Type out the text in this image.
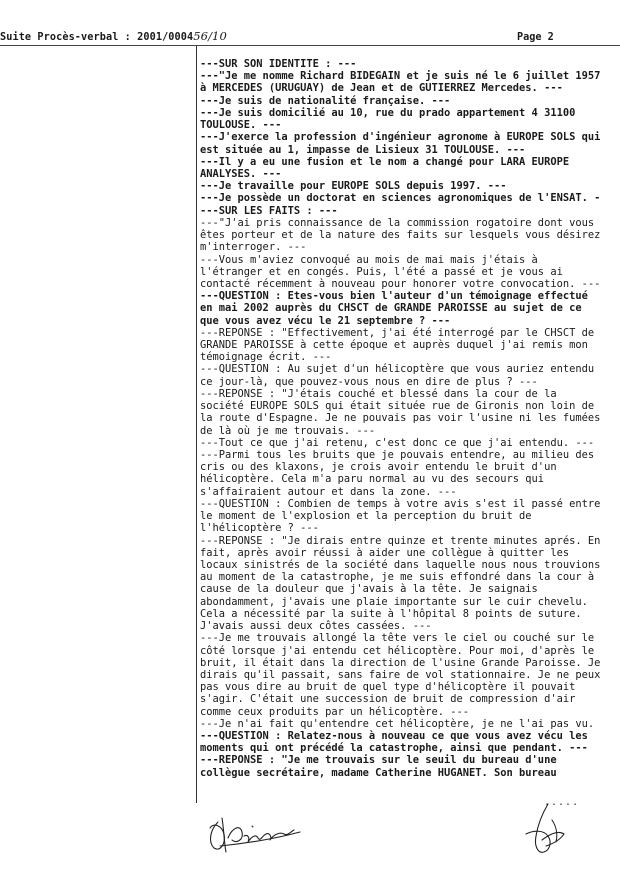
Suite Procès-verbal : 2001/000456/10	Page 2
---SUR SON IDENTITE : ---
---"Je me nomme Richard BIDEGAIN et je suis né le 6 juillet 1957
à MERCEDES (URUGUAY) de Jean et de GUTIERREZ Mercedes. ---
---Je suis de nationalité française. ---
---Je suis domicilié au 10, rue du prado appartement 4 31100
TOULOUSE. ---
---J'exerce la profession d'ingénieur agronome à EUROPE SOLS qui
est située au 1, impasse de Lisieux 31 TOULOUSE. ---
---Il y a eu une fusion et le nom a changé pour LARA EUROPE
ANALYSES. ---
---Je travaille pour EUROPE SOLS depuis 1997. ---
---Je possède un doctorat en sciences agronomiques de l'ENSAT. -
---SUR LES FAITS : ---
---"J'ai pris connaissance de la commission rogatoire dont vous
êtes porteur et de la nature des faits sur lesquels vous désirez
m'interroger. ---
---Vous m'aviez convoqué au mois de mai mais j'étais à
l'étranger et en congés. Puis, l'été a passé et je vous ai
contacté récemment à nouveau pour honorer votre convocation. ---
---QUESTION : Etes-vous bien l'auteur d'un témoignage effectué
en mai 2002 auprès du CHSCT de GRANDE PAROISSE au sujet de ce
que vous avez vécu le 21 septembre ? ---
---REPONSE : "Effectivement, j'ai été interrogé par le CHSCT de
GRANDE PAROISSE à cette époque et auprès duquel j'ai remis mon
témoignage écrit. ---
---QUESTION : Au sujet d'un hélicoptère que vous auriez entendu
ce jour-là, que pouvez-vous nous en dire de plus ? ---
---REPONSE : "J'étais couché et blessé dans la cour de la
société EUROPE SOLS qui était située rue de Gironis non loin de
la route d'Espagne. Je ne pouvais pas voir l'usine ni les fumées
de là où je me trouvais. ---
---Tout ce que j'ai retenu, c'est donc ce que j'ai entendu. ---
---Parmi tous les bruits que je pouvais entendre, au milieu des
cris ou des klaxons, je crois avoir entendu le bruit d'un
hélicoptère. Cela m'a paru normal au vu des secours qui
s'affairaient autour et dans la zone. ---
---QUESTION : Combien de temps à votre avis s'est il passé entre
le moment de l'explosion et la perception du bruit de
l'hélicoptère ? ---
---REPONSE : "Je dirais entre quinze et trente minutes aprés. En
fait, après avoir réussi à aider une collègue à quitter les
locaux sinistrés de la société dans laquelle nous nous trouvions
au moment de la catastrophe, je me suis effondré dans la cour à
cause de la douleur que j'avais à la tête. Je saignais
abondamment, j'avais une plaie importante sur le cuir chevelu.
Cela a nécessité par la suite à l'hôpital 8 points de suture.
J'avais aussi deux côtes cassées. ---
---Je me trouvais allongé la tête vers le ciel ou couché sur le
côté lorsque j'ai entendu cet hélicoptère. Pour moi, d'après le
bruit, il était dans la direction de l'usine Grande Paroisse. Je
dirais qu'il passait, sans faire de vol stationnaire. Je ne peux
pas vous dire au bruit de quel type d'hélicoptère il pouvait
s'agir. C'était une succession de bruit de compression d'air
comme ceux produits par un hélicoptère. ---
---Je n'ai fait qu'entendre cet hélicoptère, je ne l'ai pas vu.
---QUESTION : Relatez-nous à nouveau ce que vous avez vécu les
moments qui ont précédé la catastrophe, ainsi que pendant. ---
---REPONSE : "Je me trouvais sur le seuil du bureau d'une
collègue secrétaire, madame Catherine HUGANET. Son bureau
.....
